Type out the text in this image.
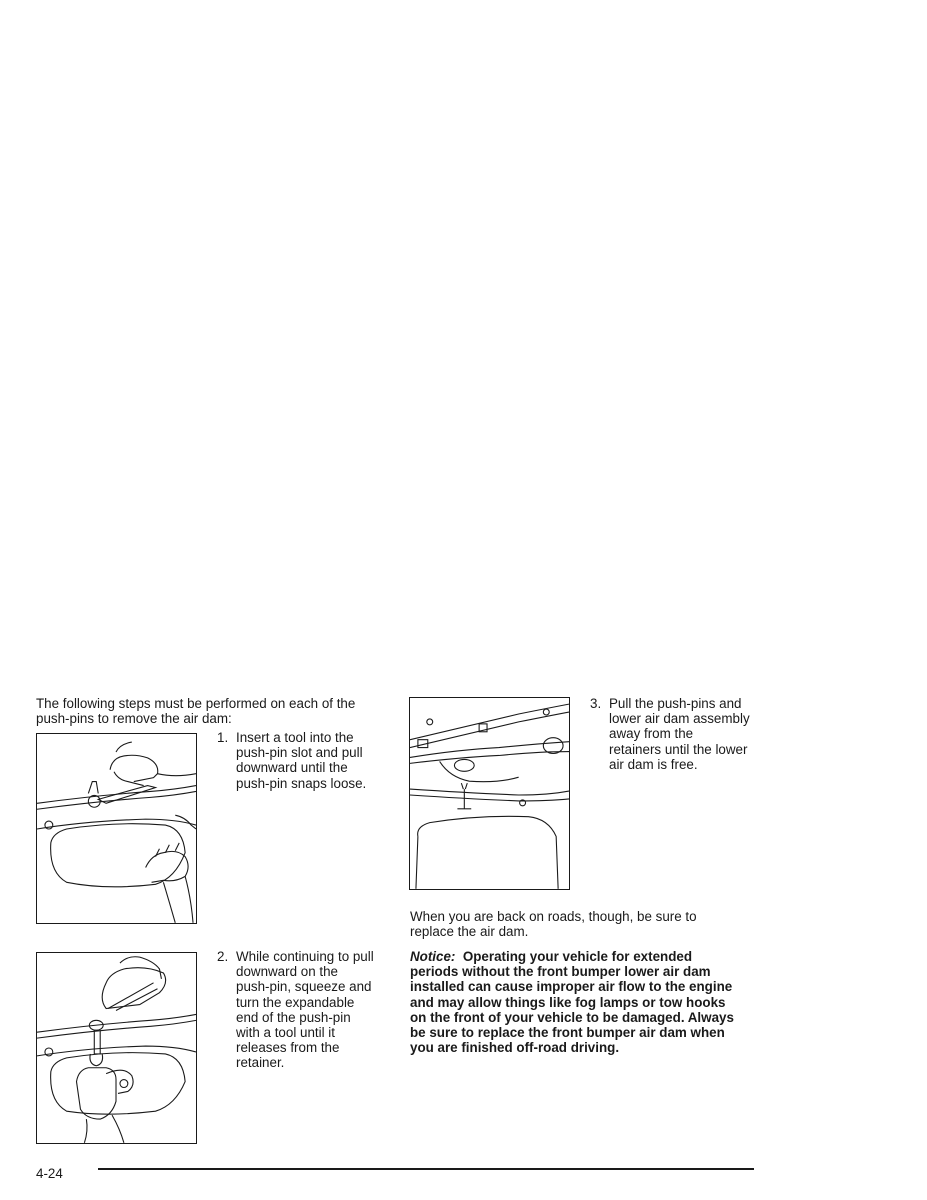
The following steps must be performed on each of the
push-pins to remove the air dam:
1. Insert a tool into the
push-pin slot and pull
downward until the
push-pin snaps loose.
2. While continuing to pull
downward on the
push-pin, squeeze and
turn the expandable
end of the push-pin
with a tool until it
releases from the
retainer.
3. Pull the push-pins and
lower air dam assembly
away from the
retainers until the lower
air dam is free.
When you are back on roads, though, be sure to
replace the air dam.
Notice:  Operating your vehicle for extended
periods without the front bumper lower air dam
installed can cause improper air flow to the engine
and may allow things like fog lamps or tow hooks
on the front of your vehicle to be damaged. Always
be sure to replace the front bumper air dam when
you are finished off-road driving.
4-24
